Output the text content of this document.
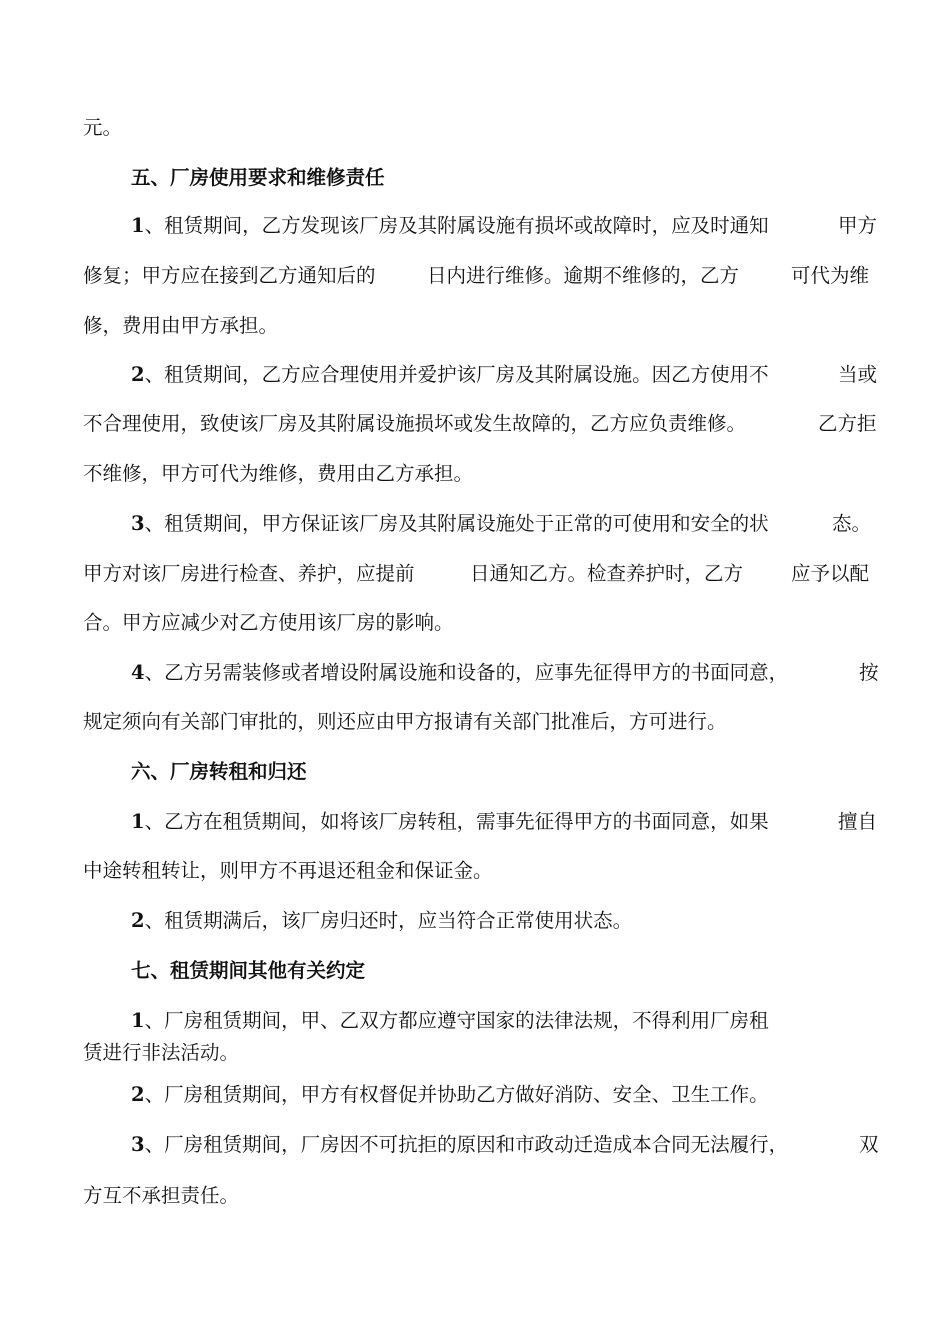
元。
五、厂房使用要求和维修责任
1、租赁期间，乙方发现该厂房及其附属设施有损坏或故障时，应及时通知	甲方
修复；甲方应在接到乙方通知后的	日内进行维修。逾期不维修的，乙方	可代为维
修，费用由甲方承担。
2、租赁期间，乙方应合理使用并爱护该厂房及其附属设施。因乙方使用不	当或
不合理使用，致使该厂房及其附属设施损坏或发生故障的，乙方应负责维修。	乙方拒
不维修，甲方可代为维修，费用由乙方承担。
3、租赁期间，甲方保证该厂房及其附属设施处于正常的可使用和安全的状	态。
甲方对该厂房进行检查、养护，应提前	日通知乙方。检查养护时，乙方 应予以配
合。甲方应减少对乙方使用该厂房的影响。
4、乙方另需装修或者增设附属设施和设备的，应事先征得甲方的书面同意，	按
规定须向有关部门审批的，则还应由甲方报请有关部门批准后，方可进行。
六、厂房转租和归还
1、乙方在租赁期间，如将该厂房转租，需事先征得甲方的书面同意，如果	擅自
中途转租转让，则甲方不再退还租金和保证金。
2、租赁期满后，该厂房归还时，应当符合正常使用状态。
七、租赁期间其他有关约定
1、厂房租赁期间，甲、乙双方都应遵守国家的法律法规，不得利用厂房租
赁进行非法活动。
2、厂房租赁期间，甲方有权督促并协助乙方做好消防、安全、卫生工作。
3、厂房租赁期间，厂房因不可抗拒的原因和市政动迁造成本合同无法履行，	双
方互不承担责任。
